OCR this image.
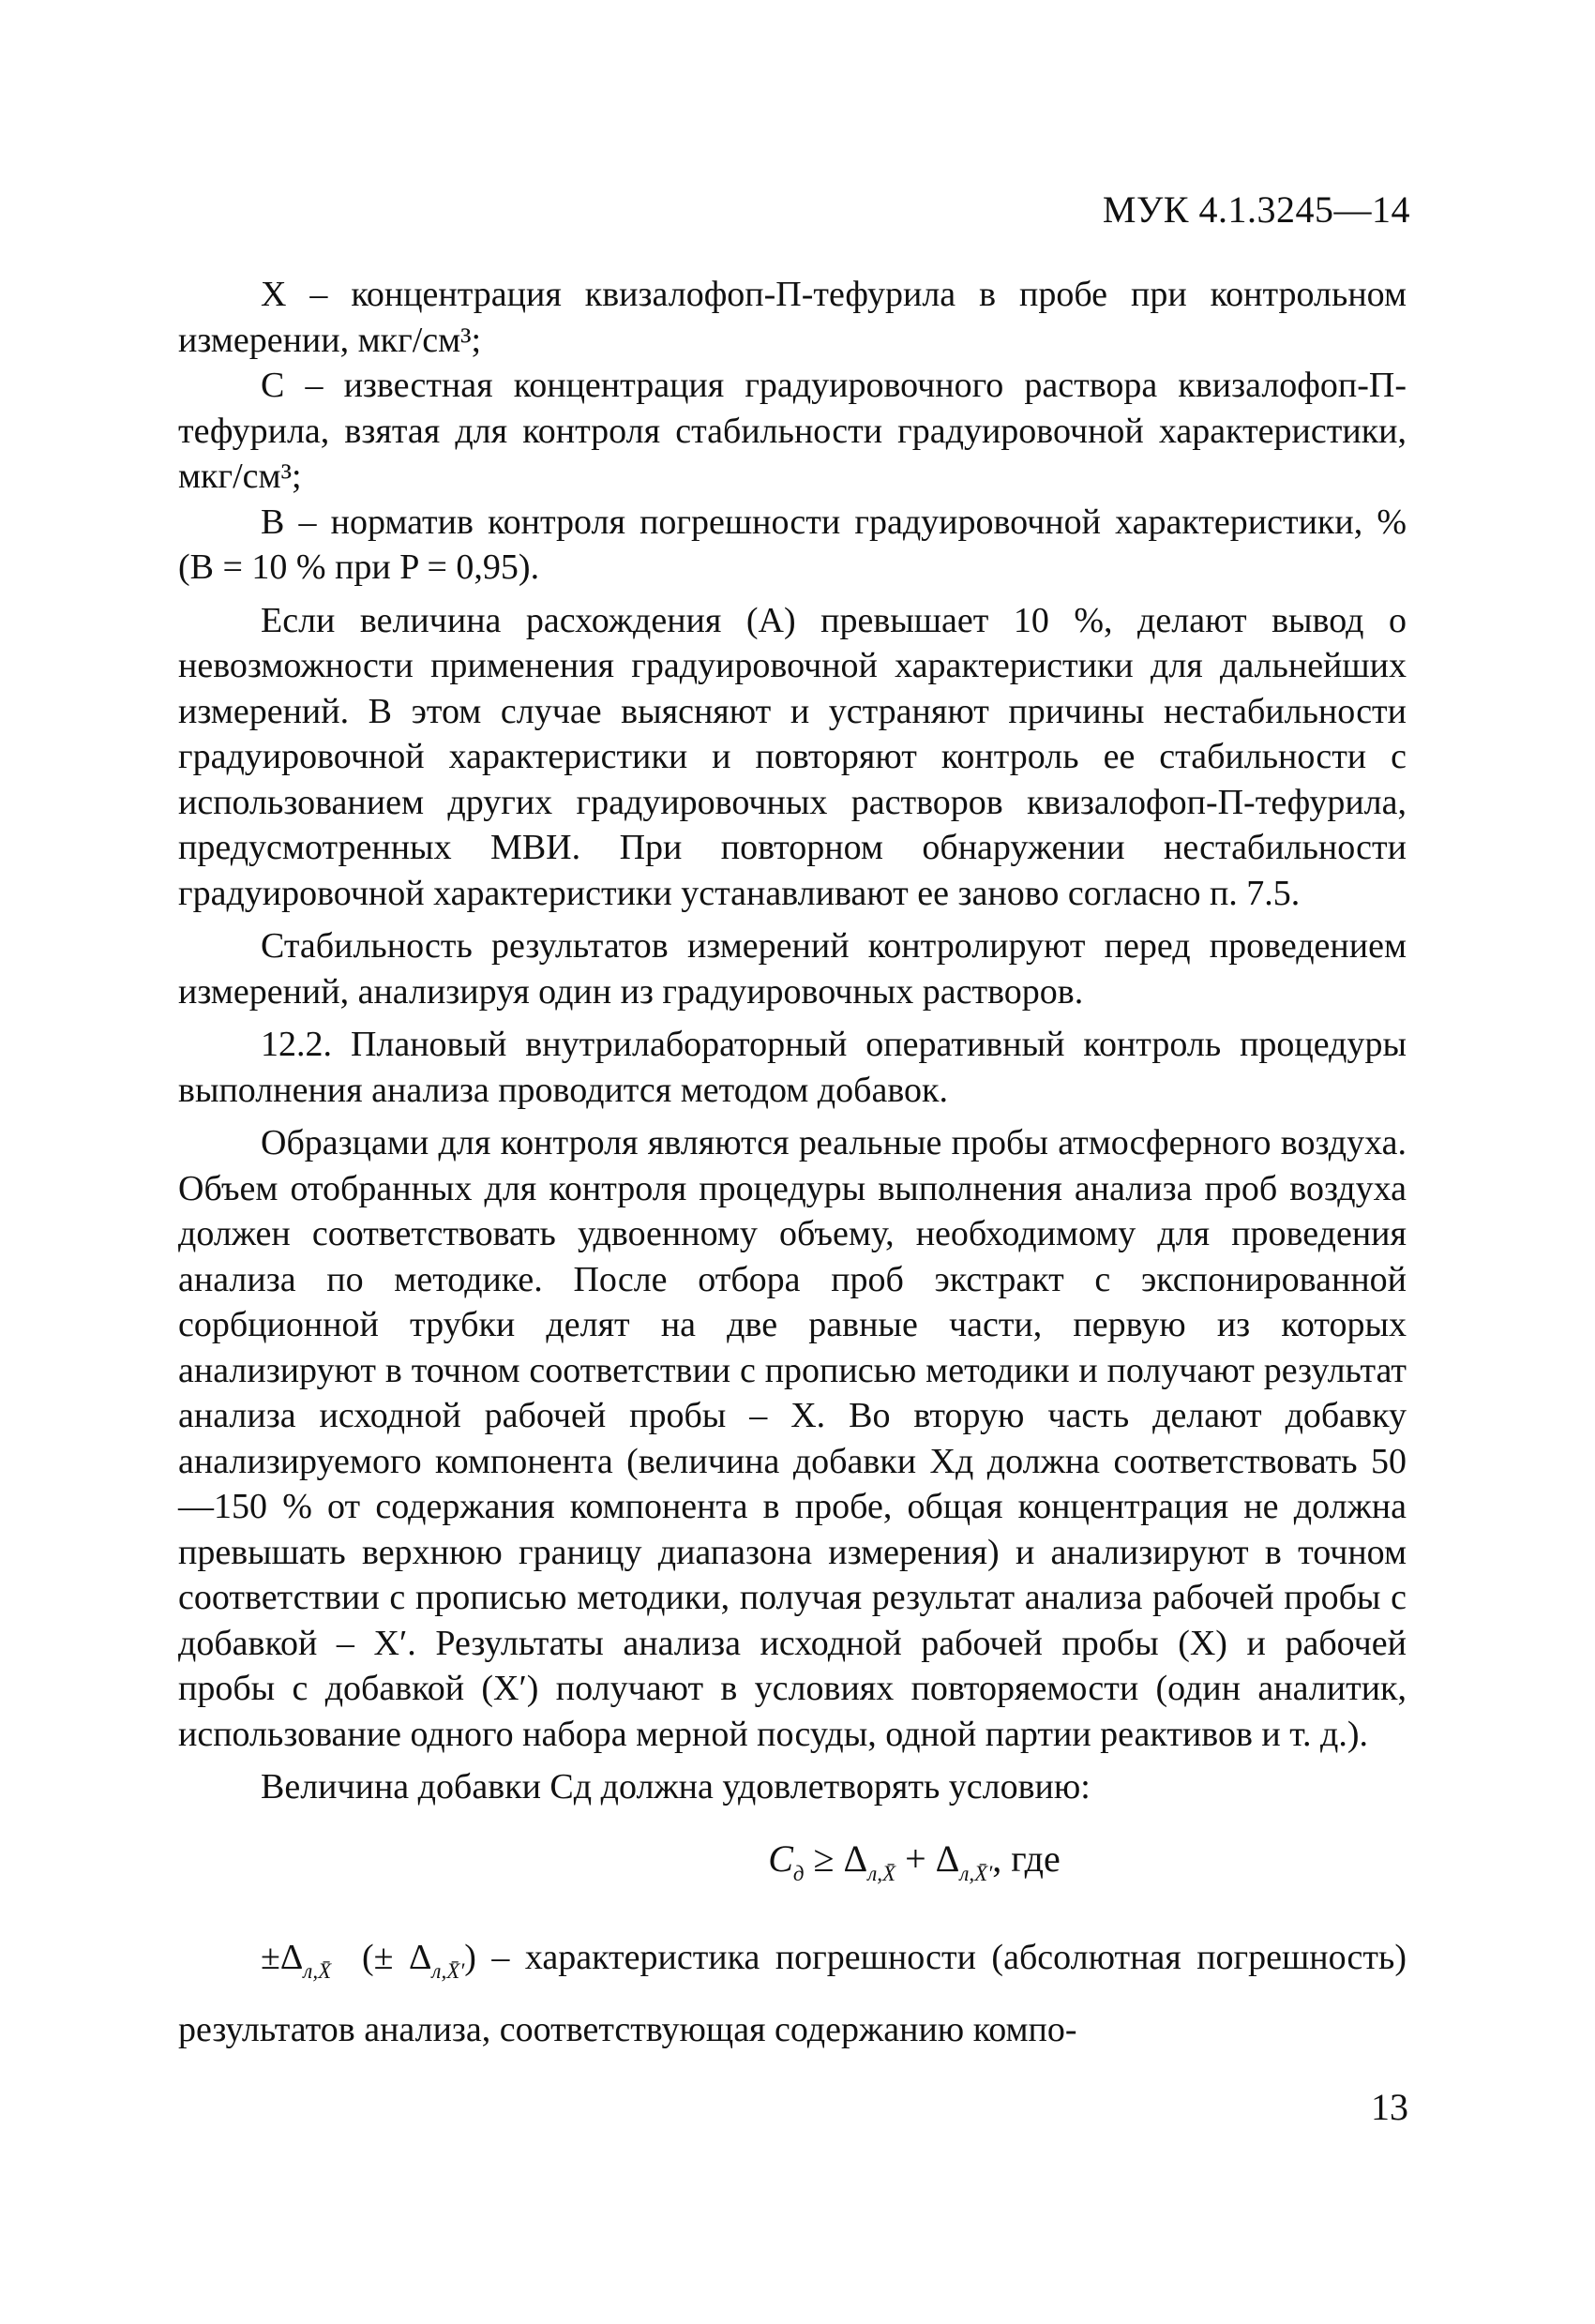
МУК 4.1.3245—14

X – концентрация квизалофоп-П-тефурила в пробе при контрольном измерении, мкг/см³;

C – известная концентрация градуировочного раствора квизалофоп-П-тефурила, взятая для контроля стабильности градуировочной характеристики, мкг/см³;

B – норматив контроля погрешности градуировочной характеристики, % (B = 10 % при P = 0,95).

Если величина расхождения (A) превышает 10 %, делают вывод о невозможности применения градуировочной характеристики для дальнейших измерений. В этом случае выясняют и устраняют причины нестабильности градуировочной характеристики и повторяют контроль ее стабильности с использованием других градуировочных растворов квизалофоп-П-тефурила, предусмотренных МВИ. При повторном обнаружении нестабильности градуировочной характеристики устанавливают ее заново согласно п. 7.5.

Стабильность результатов измерений контролируют перед проведением измерений, анализируя один из градуировочных растворов.

12.2. Плановый внутрилабораторный оперативный контроль процедуры выполнения анализа проводится методом добавок.

Образцами для контроля являются реальные пробы атмосферного воздуха. Объем отобранных для контроля процедуры выполнения анализа проб воздуха должен соответствовать удвоенному объему, необходимому для проведения анализа по методике. После отбора проб экстракт с экспонированной сорбционной трубки делят на две равные части, первую из которых анализируют в точном соответствии с прописью методики и получают результат анализа исходной рабочей пробы – X. Во вторую часть делают добавку анализируемого компонента (величина добавки Xд должна соответствовать 50—150 % от содержания компонента в пробе, общая концентрация не должна превышать верхнюю границу диапазона измерения) и анализируют в точном соответствии с прописью методики, получая результат анализа рабочей пробы с добавкой – X′. Результаты анализа исходной рабочей пробы (X) и рабочей пробы с добавкой (X′) получают в условиях повторяемости (один аналитик, использование одного набора мерной посуды, одной партии реактивов и т. д.).

Величина добавки Cд должна удовлетворять условию:

$C_д \ge \Delta_{л,X̄} + \Delta_{л,X̄'}$, где

$\pm\Delta_{л,X̄}$ (± $\Delta_{л,X̄'}$) – характеристика погрешности (абсолютная погрешность) результатов анализа, соответствующая содержанию компо-

13
